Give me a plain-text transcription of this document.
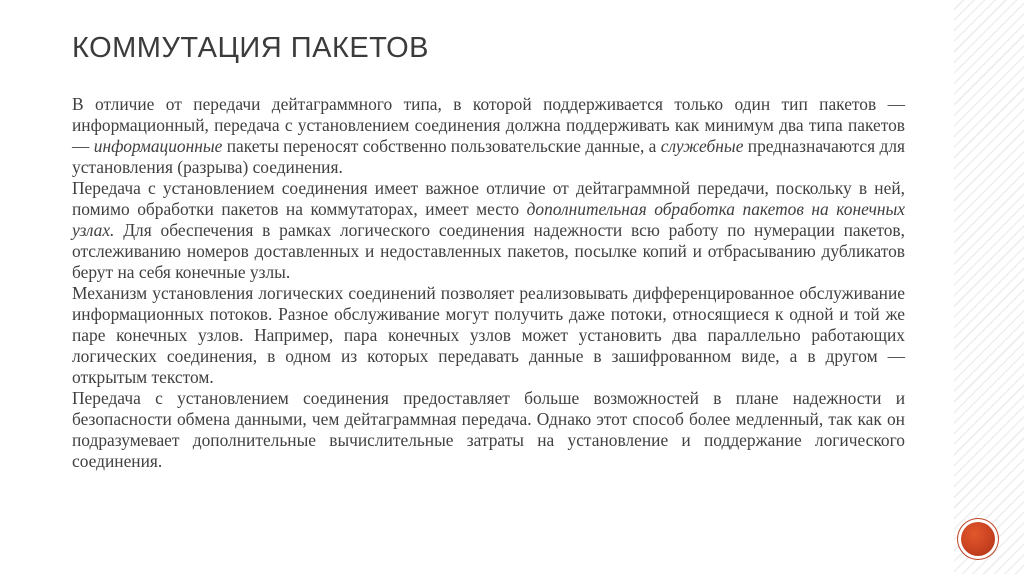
КОММУТАЦИЯ ПАКЕТОВ

В отличие от передачи дейтаграммного типа, в которой поддерживается только один тип пакетов — информационный, передача с установлением соединения должна поддерживать как минимум два типа пакетов — информационные пакеты переносят собственно пользовательские данные, а служебные предназначаются для установления (разрыва) соединения.

Передача с установлением соединения имеет важное отличие от дейтаграммной передачи, поскольку в ней, помимо обработки пакетов на коммутаторах, имеет место дополнительная обработка пакетов на конечных узлах. Для обеспечения в рамках логического соединения надежности всю работу по нумерации пакетов, отслеживанию номеров доставленных и недоставленных пакетов, посылке копий и отбрасыванию дубликатов берут на себя конечные узлы.

Механизм установления логических соединений позволяет реализовывать дифференцированное обслуживание информационных потоков. Разное обслуживание могут получить даже потоки, относящиеся к одной и той же паре конечных узлов. Например, пара конечных узлов может установить два параллельно работающих логических соединения, в одном из которых передавать данные в зашифрованном виде, а в другом — открытым текстом.

Передача с установлением соединения предоставляет больше возможностей в плане надежности и безопасности обмена данными, чем дейтаграммная передача. Однако этот способ более медленный, так как он подразумевает дополнительные вычислительные затраты на установление и поддержание логического соединения.
